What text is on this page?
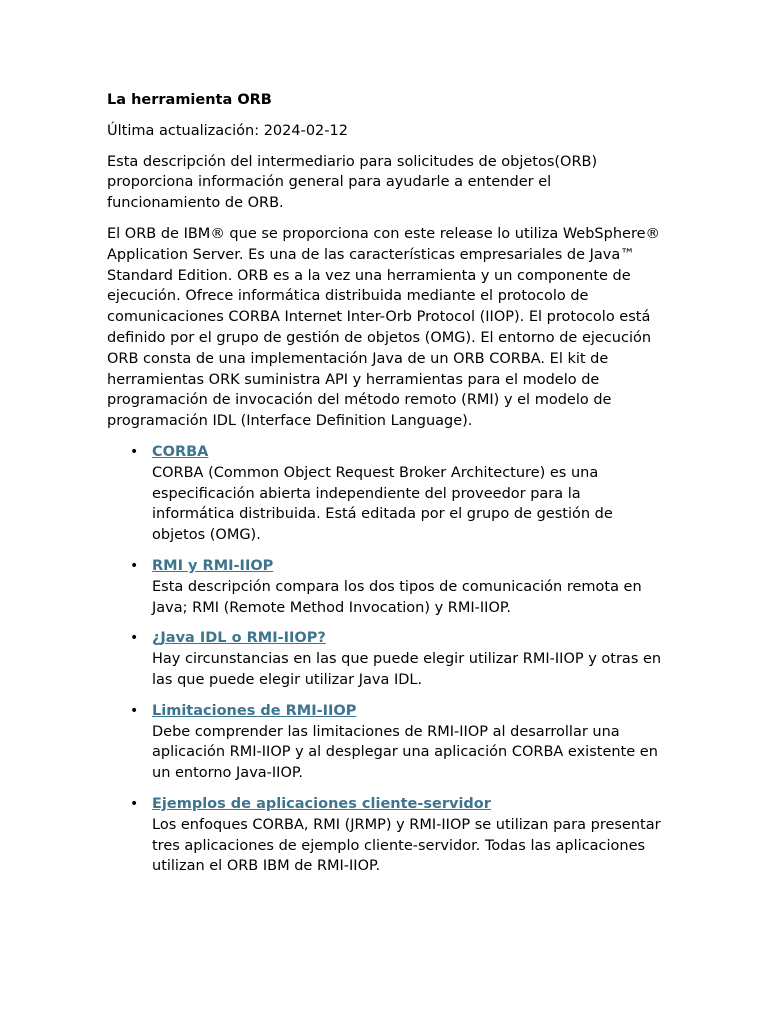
La herramienta ORB

Última actualización: 2024-02-12

Esta descripción del intermediario para solicitudes de objetos(ORB) proporciona información general para ayudarle a entender el funcionamiento de ORB.

El ORB de IBM® que se proporciona con este release lo utiliza WebSphere® Application Server. Es una de las características empresariales de Java™ Standard Edition. ORB es a la vez una herramienta y un componente de ejecución. Ofrece informática distribuida mediante el protocolo de comunicaciones CORBA Internet Inter-Orb Protocol (IIOP). El protocolo está definido por el grupo de gestión de objetos (OMG). El entorno de ejecución ORB consta de una implementación Java de un ORB CORBA. El kit de herramientas ORK suministra API y herramientas para el modelo de programación de invocación del método remoto (RMI) y el modelo de programación IDL (Interface Definition Language).

• CORBA
CORBA (Common Object Request Broker Architecture) es una especificación abierta independiente del proveedor para la informática distribuida. Está editada por el grupo de gestión de objetos (OMG).
• RMI y RMI-IIOP
Esta descripción compara los dos tipos de comunicación remota en Java; RMI (Remote Method Invocation) y RMI-IIOP.
• ¿Java IDL o RMI-IIOP?
Hay circunstancias en las que puede elegir utilizar RMI-IIOP y otras en las que puede elegir utilizar Java IDL.
• Limitaciones de RMI-IIOP
Debe comprender las limitaciones de RMI-IIOP al desarrollar una aplicación RMI-IIOP y al desplegar una aplicación CORBA existente en un entorno Java-IIOP.
• Ejemplos de aplicaciones cliente-servidor
Los enfoques CORBA, RMI (JRMP) y RMI-IIOP se utilizan para presentar tres aplicaciones de ejemplo cliente-servidor. Todas las aplicaciones utilizan el ORB IBM de RMI-IIOP.
